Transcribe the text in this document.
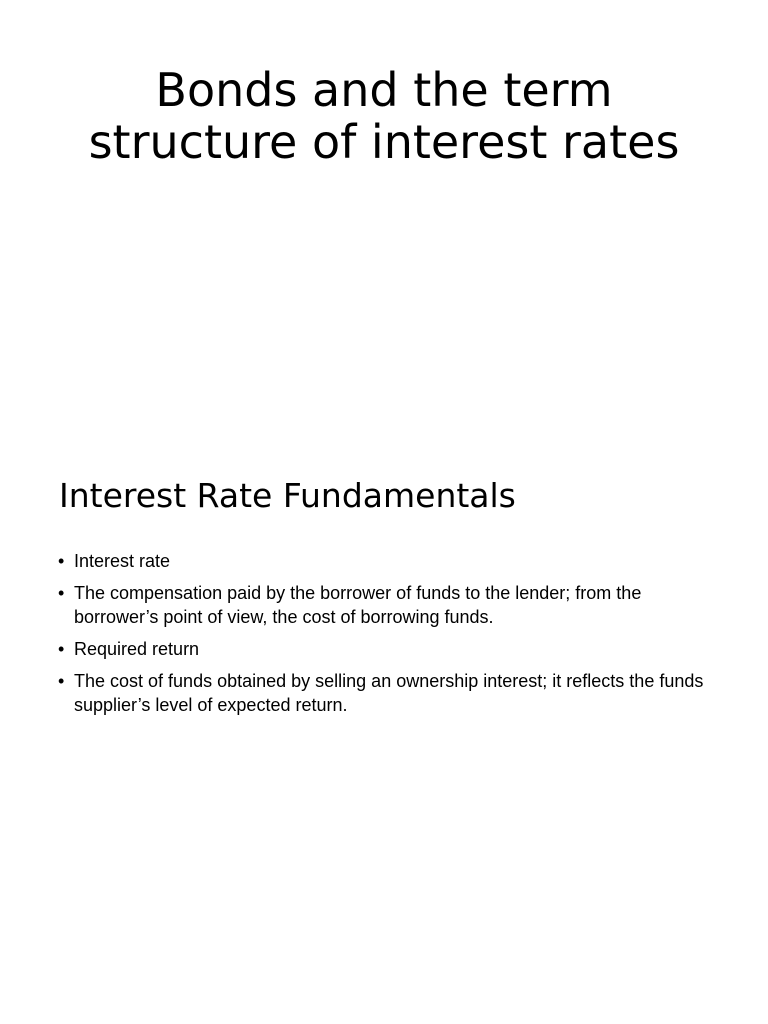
Bonds and the term structure of interest rates
Interest Rate Fundamentals
• Interest rate
• The compensation paid by the borrower of funds to the lender; from the borrower’s point of view, the cost of borrowing funds.
• Required return
• The cost of funds obtained by selling an ownership interest; it reflects the funds supplier’s level of expected return.
